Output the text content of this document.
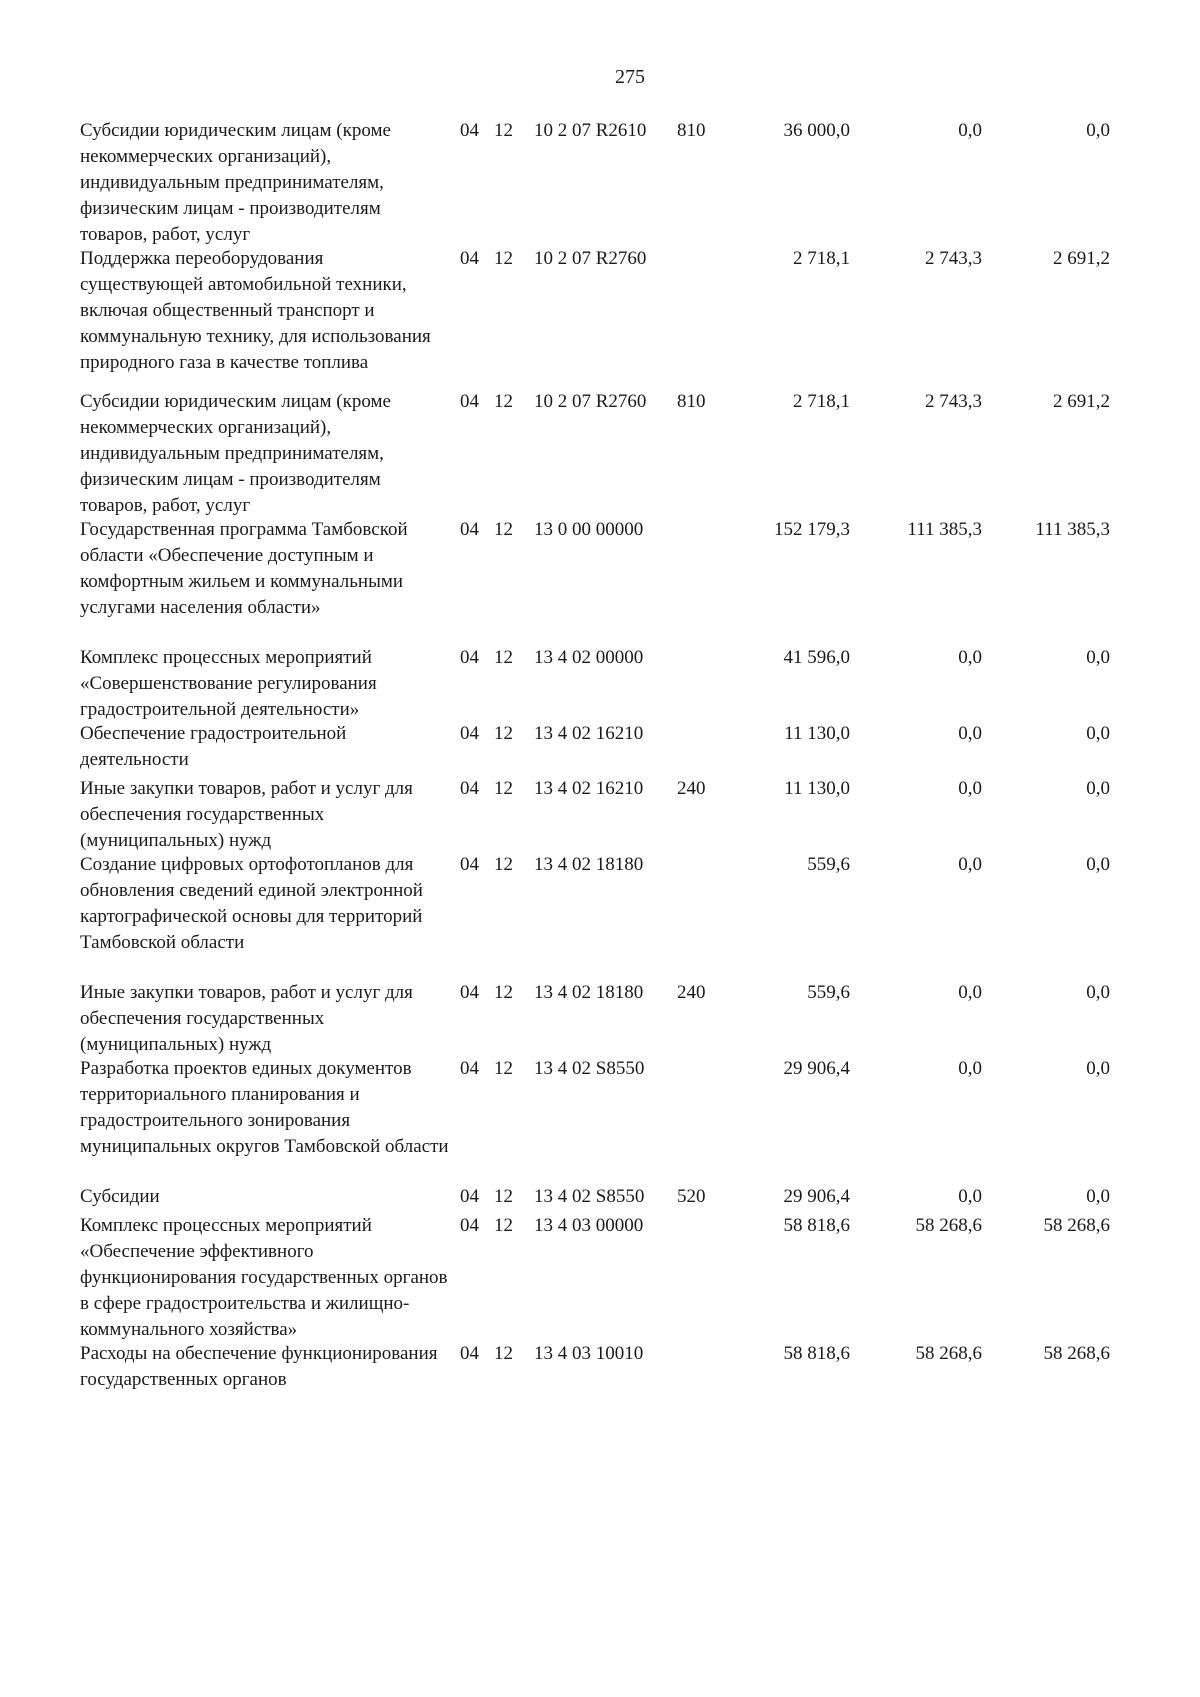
275
Субсидии юридическим лицам (кроме некоммерческих организаций), индивидуальным предпринимателям, физическим лицам - производителям товаров, работ, услуг
04 12	10 2 07 R2610	810	36 000,0	0,0	0,0
Поддержка переоборудования существующей автомобильной техники, включая общественный транспорт и коммунальную технику, для использования природного газа в качестве топлива
04 12	10 2 07 R2760	2 718,1	2 743,3	2 691,2
Субсидии юридическим лицам (кроме некоммерческих организаций), индивидуальным предпринимателям, физическим лицам - производителям товаров, работ, услуг
04 12	10 2 07 R2760	810	2 718,1	2 743,3	2 691,2
Государственная программа Тамбовской области «Обеспечение доступным и комфортным жильем и коммунальными услугами населения области»
04 12	13 0 00 00000	152 179,3	111 385,3	111 385,3
Комплекс процессных мероприятий «Совершенствование регулирования градостроительной деятельности»
04 12	13 4 02 00000	41 596,0	0,0	0,0
Обеспечение градостроительной деятельности
04 12	13 4 02 16210	11 130,0	0,0	0,0
Иные закупки товаров, работ и услуг для обеспечения государственных (муниципальных) нужд
04 12	13 4 02 16210	240	11 130,0	0,0	0,0
Создание цифровых ортофотопланов для обновления сведений единой электронной картографической основы для территорий Тамбовской области
04 12	13 4 02 18180	559,6	0,0	0,0
Иные закупки товаров, работ и услуг для обеспечения государственных (муниципальных) нужд
04 12	13 4 02 18180	240	559,6	0,0	0,0
Разработка проектов единых документов территориального планирования и градостроительного зонирования муниципальных округов Тамбовской области
04 12	13 4 02 S8550	29 906,4	0,0	0,0
Субсидии	04 12	13 4 02 S8550	520	29 906,4	0,0	0,0
Комплекс процессных мероприятий «Обеспечение эффективного функционирования государственных органов в сфере градостроительства и жилищно-коммунального хозяйства»
04 12	13 4 03 00000	58 818,6	58 268,6	58 268,6
Расходы на обеспечение функционирования государственных органов
04 12	13 4 03 10010	58 818,6	58 268,6	58 268,6
